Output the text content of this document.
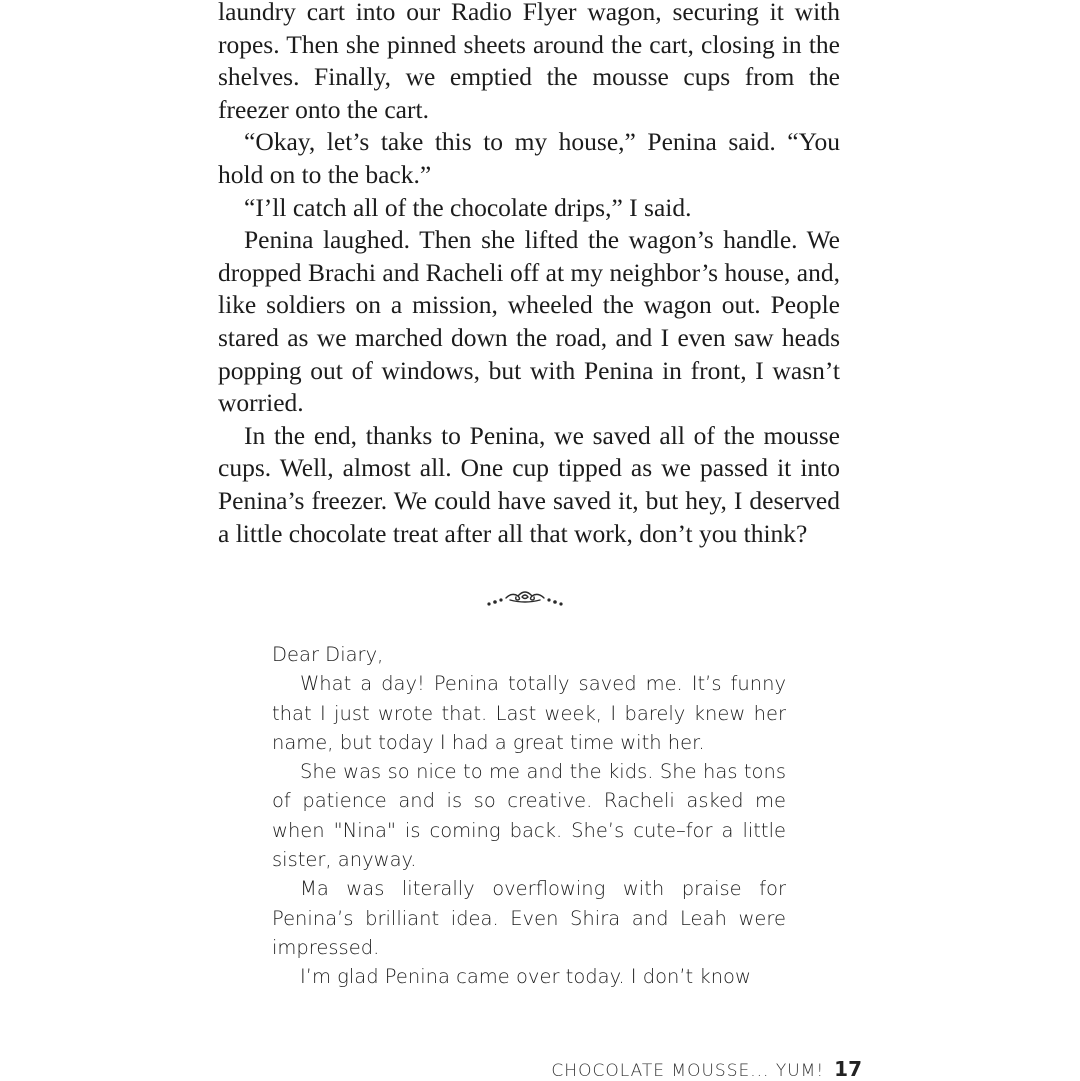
laundry cart into our Radio Flyer wagon, securing it with ropes. Then she pinned sheets around the cart, closing in the shelves. Finally, we emptied the mousse cups from the freezer onto the cart.

“Okay, let’s take this to my house,” Penina said. “You hold on to the back.”

“I’ll catch all of the chocolate drips,” I said.

Penina laughed. Then she lifted the wagon’s handle. We dropped Brachi and Racheli off at my neighbor’s house, and, like soldiers on a mission, wheeled the wagon out. People stared as we marched down the road, and I even saw heads popping out of windows, but with Penina in front, I wasn’t worried.

In the end, thanks to Penina, we saved all of the mousse cups. Well, almost all. One cup tipped as we passed it into Penina’s freezer. We could have saved it, but hey, I deserved a little chocolate treat after all that work, don’t you think?

Dear Diary,

What a day! Penina totally saved me. It’s funny that I just wrote that. Last week, I barely knew her name, but today I had a great time with her.

She was so nice to me and the kids. She has tons of patience and is so creative. Racheli asked me when "Nina" is coming back. She’s cute–for a little sister, anyway.

Ma was literally overflowing with praise for Penina’s brilliant idea. Even Shira and Leah were impressed.

I’m glad Penina came over today. I don’t know

CHOCOLATE MOUSSE... YUM! 17
